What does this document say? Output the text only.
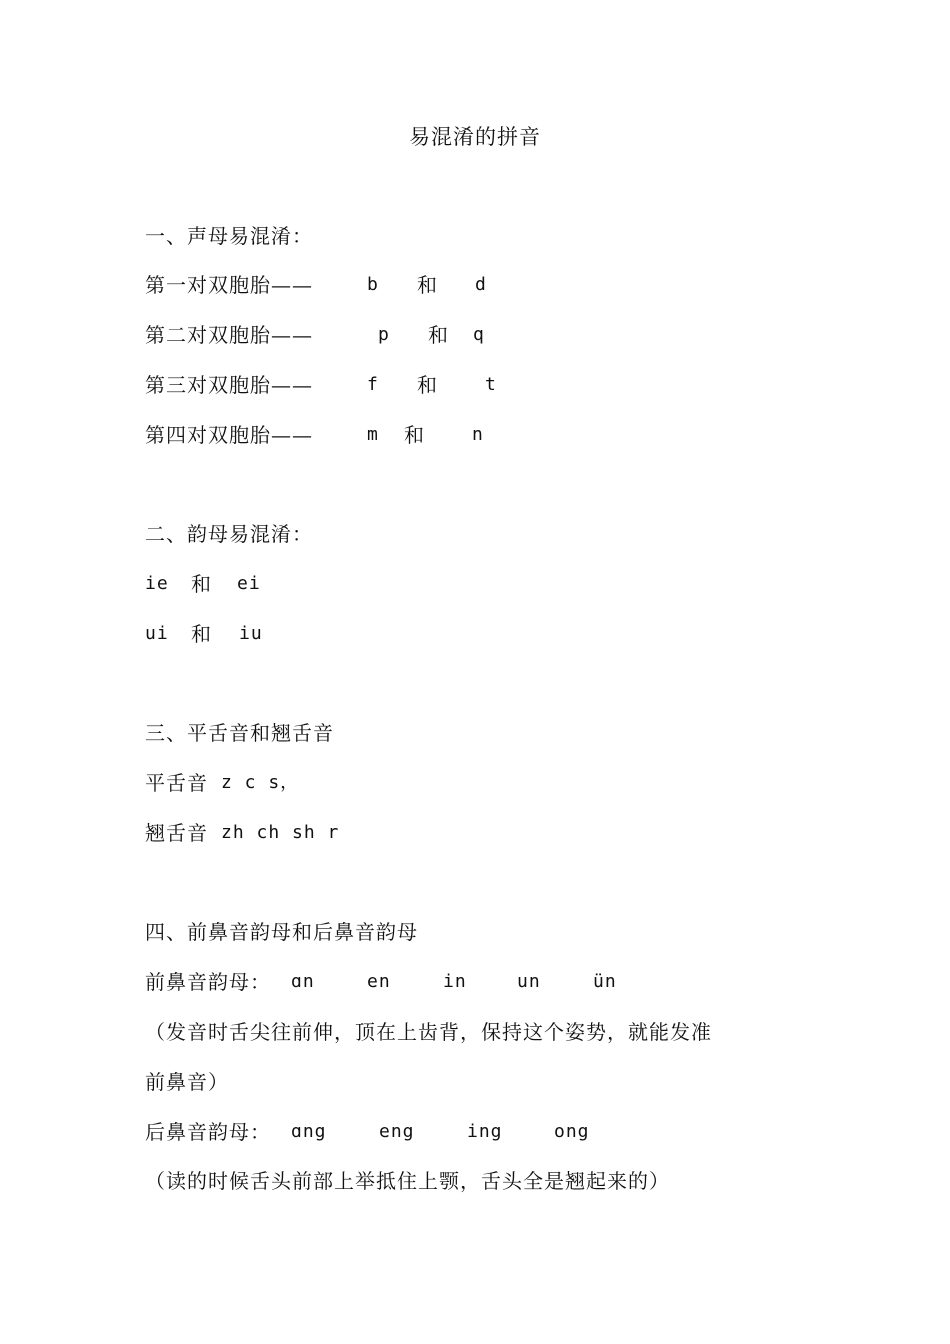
易混淆的拼音
一、声母易混淆：
第一对双胞胎——	b 和 d
第二对双胞胎——	p 和 q
第三对双胞胎——	f 和	t
第四对双胞胎——	m 和	n
二、韵母易混淆：
ie 和 ei
ui 和 iu
三、平舌音和翘舌音
平舌音 z c s，
翘舌音 zh ch sh r
四、前鼻音韵母和后鼻音韵母
前鼻音韵母： ɑn	en	in	un	ün
（发音时舌尖往前伸，顶在上齿背，保持这个姿势，就能发准
前鼻音）
后鼻音韵母： ɑng	eng	ing	ong
（读的时候舌头前部上举抵住上颚，舌头全是翘起来的）
